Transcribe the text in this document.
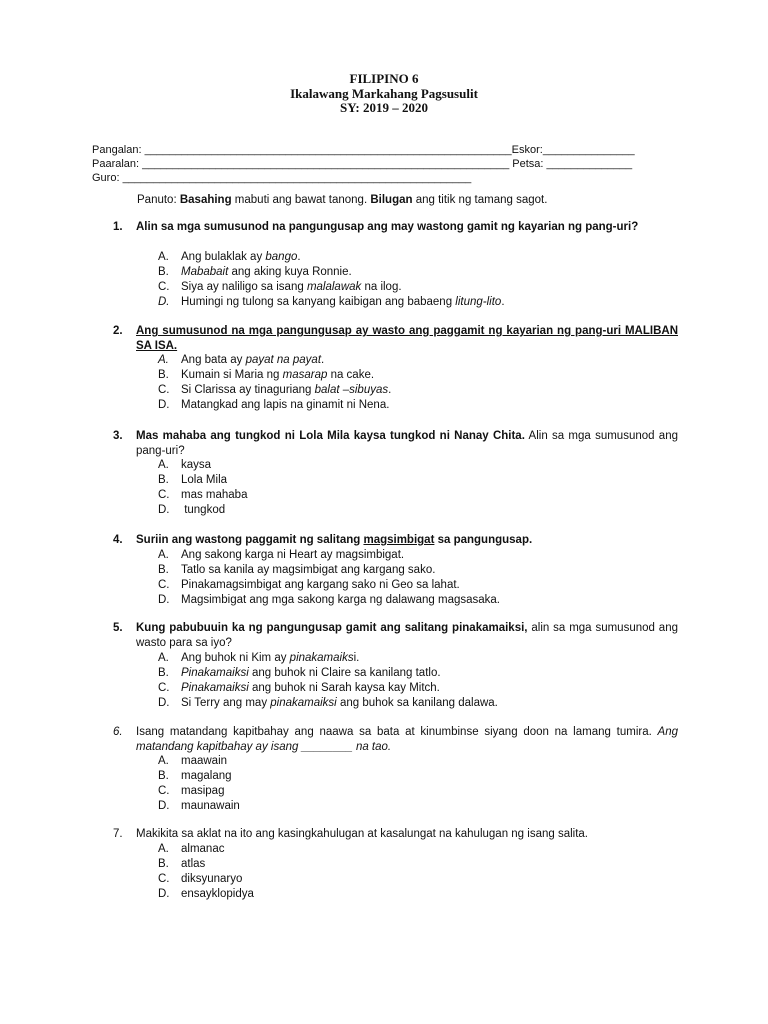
FILIPINO 6
Ikalawang Markahang Pagsusulit
SY: 2019 – 2020
Pangalan: ____________________________________________________________Eskor:_______________
Paaralan: ____________________________________________________________ Petsa: ______________
Guro: _________________________________________________________
Panuto: Basahing mabuti ang bawat tanong. Bilugan ang titik ng tamang sagot.
1.	Alin sa mga sumusunod na pangungusap ang may wastong gamit ng kayarian ng pang-uri?
A. Ang bulaklak ay bango.
B. Mababait ang aking kuya Ronnie.
C. Siya ay naliligo sa isang malalawak na ilog.
D. Humingi ng tulong sa kanyang kaibigan ang babaeng litung-lito.
2.	Ang sumusunod na mga pangungusap ay wasto ang paggamit ng kayarian ng pang-uri MALIBAN SA ISA.
A. Ang bata ay payat na payat.
B. Kumain si Maria ng masarap na cake.
C. Si Clarissa ay tinaguriang balat –sibuyas.
D. Matangkad ang lapis na ginamit ni Nena.
3.	Mas mahaba ang tungkod ni Lola Mila kaysa tungkod ni Nanay Chita. Alin sa mga sumusunod ang pang-uri?
A. kaysa
B. Lola Mila
C. mas mahaba
D. tungkod
4.	Suriin ang wastong paggamit ng salitang magsimbigat sa pangungusap.
A. Ang sakong karga ni Heart ay magsimbigat.
B. Tatlo sa kanila ay magsimbigat ang kargang sako.
C. Pinakamagsimbigat ang kargang sako ni Geo sa lahat.
D. Magsimbigat ang mga sakong karga ng dalawang magsasaka.
5.	Kung pabubuuin ka ng pangungusap gamit ang salitang pinakamaiksi, alin sa mga sumusunod ang wasto para sa iyo?
A. Ang buhok ni Kim ay pinakamaiksi.
B. Pinakamaiksi ang buhok ni Claire sa kanilang tatlo.
C. Pinakamaiksi ang buhok ni Sarah kaysa kay Mitch.
D. Si Terry ang may pinakamaiksi ang buhok sa kanilang dalawa.
6.	Isang matandang kapitbahay ang naawa sa bata at kinumbinse siyang doon na lamang tumira. Ang matandang kapitbahay ay isang ________ na tao.
A. maawain
B. magalang
C. masipag
D. maunawain
7.	Makikita sa aklat na ito ang kasingkahulugan at kasalungat na kahulugan ng isang salita.
A. almanac
B. atlas
C. diksyunaryo
D. ensayklopidya
